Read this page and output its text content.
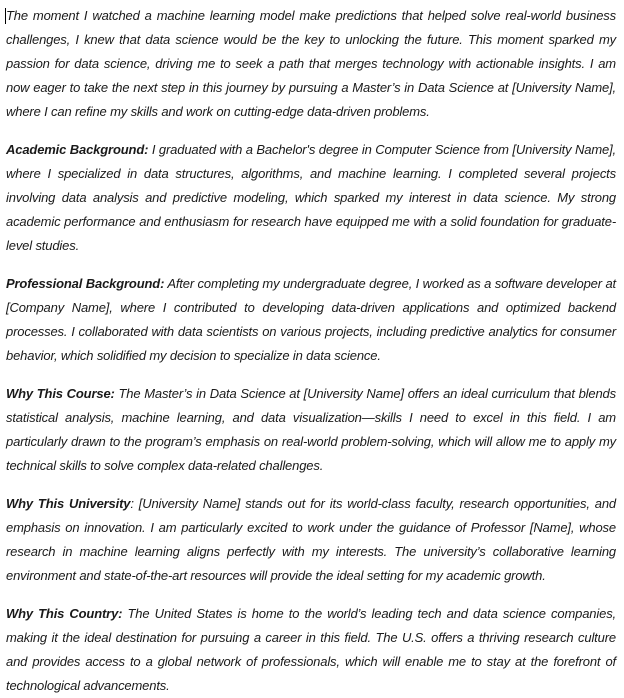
The moment I watched a machine learning model make predictions that helped solve real-world business challenges, I knew that data science would be the key to unlocking the future. This moment sparked my passion for data science, driving me to seek a path that merges technology with actionable insights. I am now eager to take the next step in this journey by pursuing a Master’s in Data Science at [University Name], where I can refine my skills and work on cutting-edge data-driven problems.

Academic Background: I graduated with a Bachelor's degree in Computer Science from [University Name], where I specialized in data structures, algorithms, and machine learning. I completed several projects involving data analysis and predictive modeling, which sparked my interest in data science. My strong academic performance and enthusiasm for research have equipped me with a solid foundation for graduate-level studies.

Professional Background: After completing my undergraduate degree, I worked as a software developer at [Company Name], where I contributed to developing data-driven applications and optimized backend processes. I collaborated with data scientists on various projects, including predictive analytics for consumer behavior, which solidified my decision to specialize in data science.

Why This Course: The Master’s in Data Science at [University Name] offers an ideal curriculum that blends statistical analysis, machine learning, and data visualization—skills I need to excel in this field. I am particularly drawn to the program’s emphasis on real-world problem-solving, which will allow me to apply my technical skills to solve complex data-related challenges.

Why This University: [University Name] stands out for its world-class faculty, research opportunities, and emphasis on innovation. I am particularly excited to work under the guidance of Professor [Name], whose research in machine learning aligns perfectly with my interests. The university’s collaborative learning environment and state-of-the-art resources will provide the ideal setting for my academic growth.

Why This Country: The United States is home to the world’s leading tech and data science companies, making it the ideal destination for pursuing a career in this field. The U.S. offers a thriving research culture and provides access to a global network of professionals, which will enable me to stay at the forefront of technological advancements.
